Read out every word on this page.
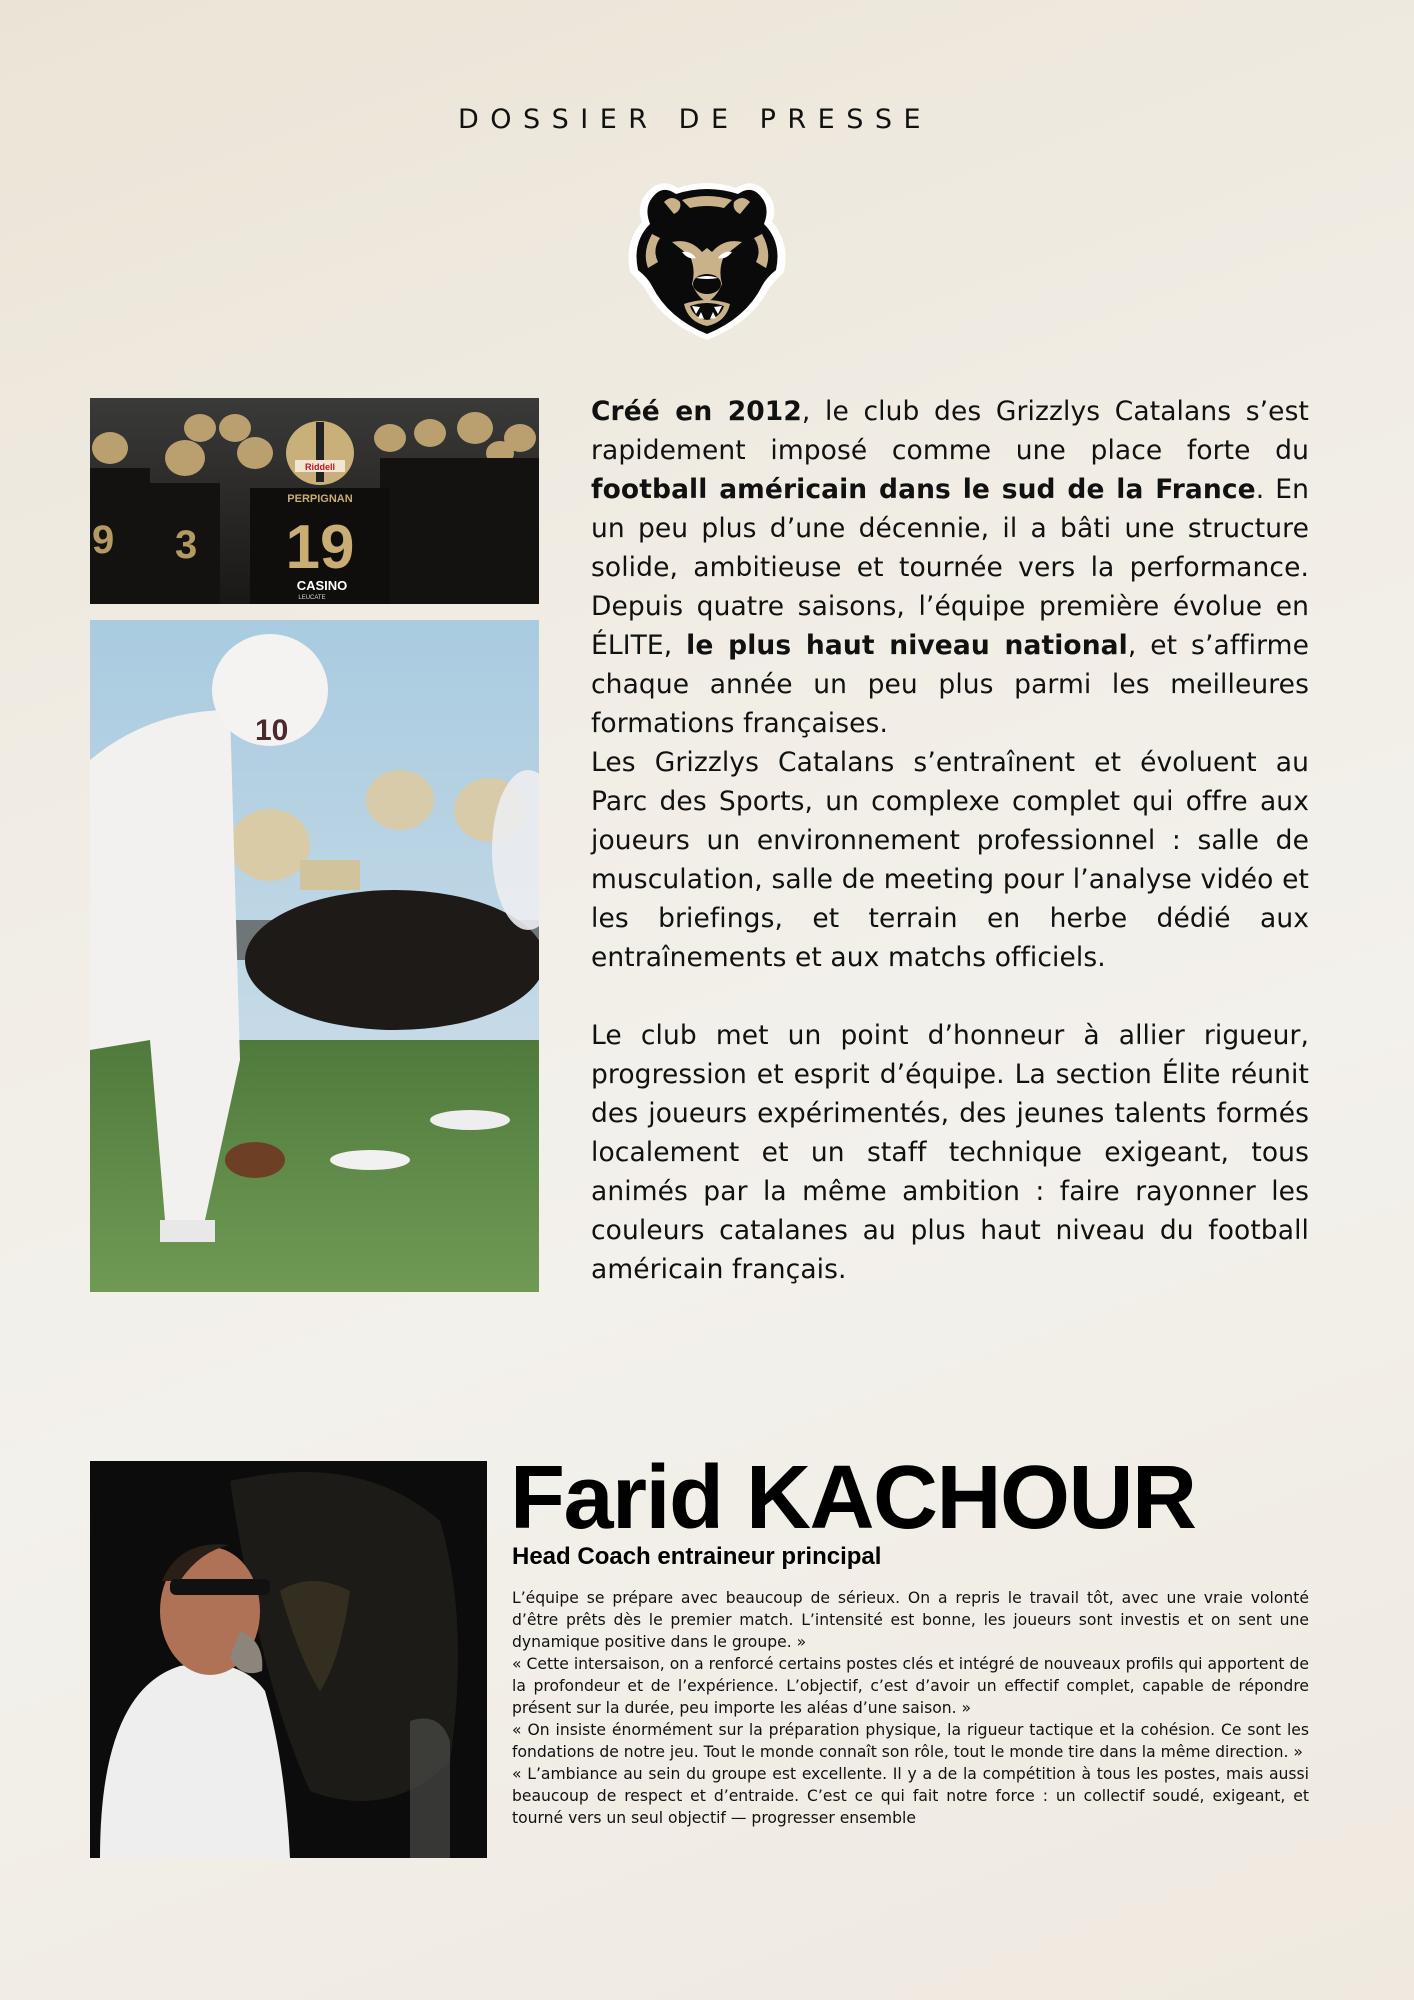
DOSSIER DE PRESSE
9 3
Riddell
PERPIGNAN
19
CASINO
LEUCATE
10

Créé en 2012, le club des Grizzlys Catalans s’est rapidement imposé comme une place forte du football américain dans le sud de la France. En un peu plus d’une décennie, il a bâti une structure solide, ambitieuse et tournée vers la performance. Depuis quatre saisons, l’équipe première évolue en ÉLITE, le plus haut niveau national, et s’affirme chaque année un peu plus parmi les meilleures formations françaises.

Les Grizzlys Catalans s’entraînent et évoluent au Parc des Sports, un complexe complet qui offre aux joueurs un environnement professionnel : salle de musculation, salle de meeting pour l’analyse vidéo et les briefings, et terrain en herbe dédié aux entraînements et aux matchs officiels.

Le club met un point d’honneur à allier rigueur, progression et esprit d’équipe. La section Élite réunit des joueurs expérimentés, des jeunes talents formés localement et un staff technique exigeant, tous animés par la même ambition : faire rayonner les couleurs catalanes au plus haut niveau du football américain français.

Farid KACHOUR
Head Coach entraineur principal

L’équipe se prépare avec beaucoup de sérieux. On a repris le travail tôt, avec une vraie volonté d’être prêts dès le premier match. L’intensité est bonne, les joueurs sont investis et on sent une dynamique positive dans le groupe. »

« Cette intersaison, on a renforcé certains postes clés et intégré de nouveaux profils qui apportent de la profondeur et de l’expérience. L’objectif, c’est d’avoir un effectif complet, capable de répondre présent sur la durée, peu importe les aléas d’une saison. »

« On insiste énormément sur la préparation physique, la rigueur tactique et la cohésion. Ce sont les fondations de notre jeu. Tout le monde connaît son rôle, tout le monde tire dans la même direction. »

« L’ambiance au sein du groupe est excellente. Il y a de la compétition à tous les postes, mais aussi beaucoup de respect et d’entraide. C’est ce qui fait notre force : un collectif soudé, exigeant, et tourné vers un seul objectif — progresser ensemble
